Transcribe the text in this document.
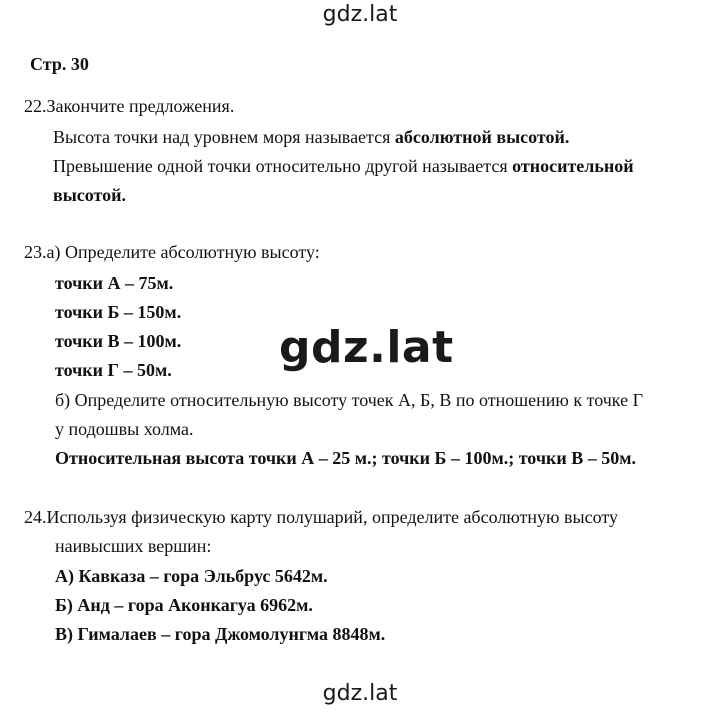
gdz.lat
Стр. 30
22.Закончите предложения.
Высота точки над уровнем моря называется абсолютной высотой.
Превышение одной точки относительно другой называется относительной
высотой.
23.а) Определите абсолютную высоту:
точки А – 75м.
точки Б – 150м.
точки В – 100м.
точки Г – 50м.
б) Определите относительную высоту точек А, Б, В по отношению к точке Г
у подошвы холма.
Относительная высота точки А – 25 м.; точки Б – 100м.; точки В – 50м.
gdz.lat
24.Используя физическую карту полушарий, определите абсолютную высоту
наивысших вершин:
А) Кавказа – гора Эльбрус 5642м.
Б) Анд – гора Аконкагуа 6962м.
В) Гималаев – гора Джомолунгма 8848м.
gdz.lat
